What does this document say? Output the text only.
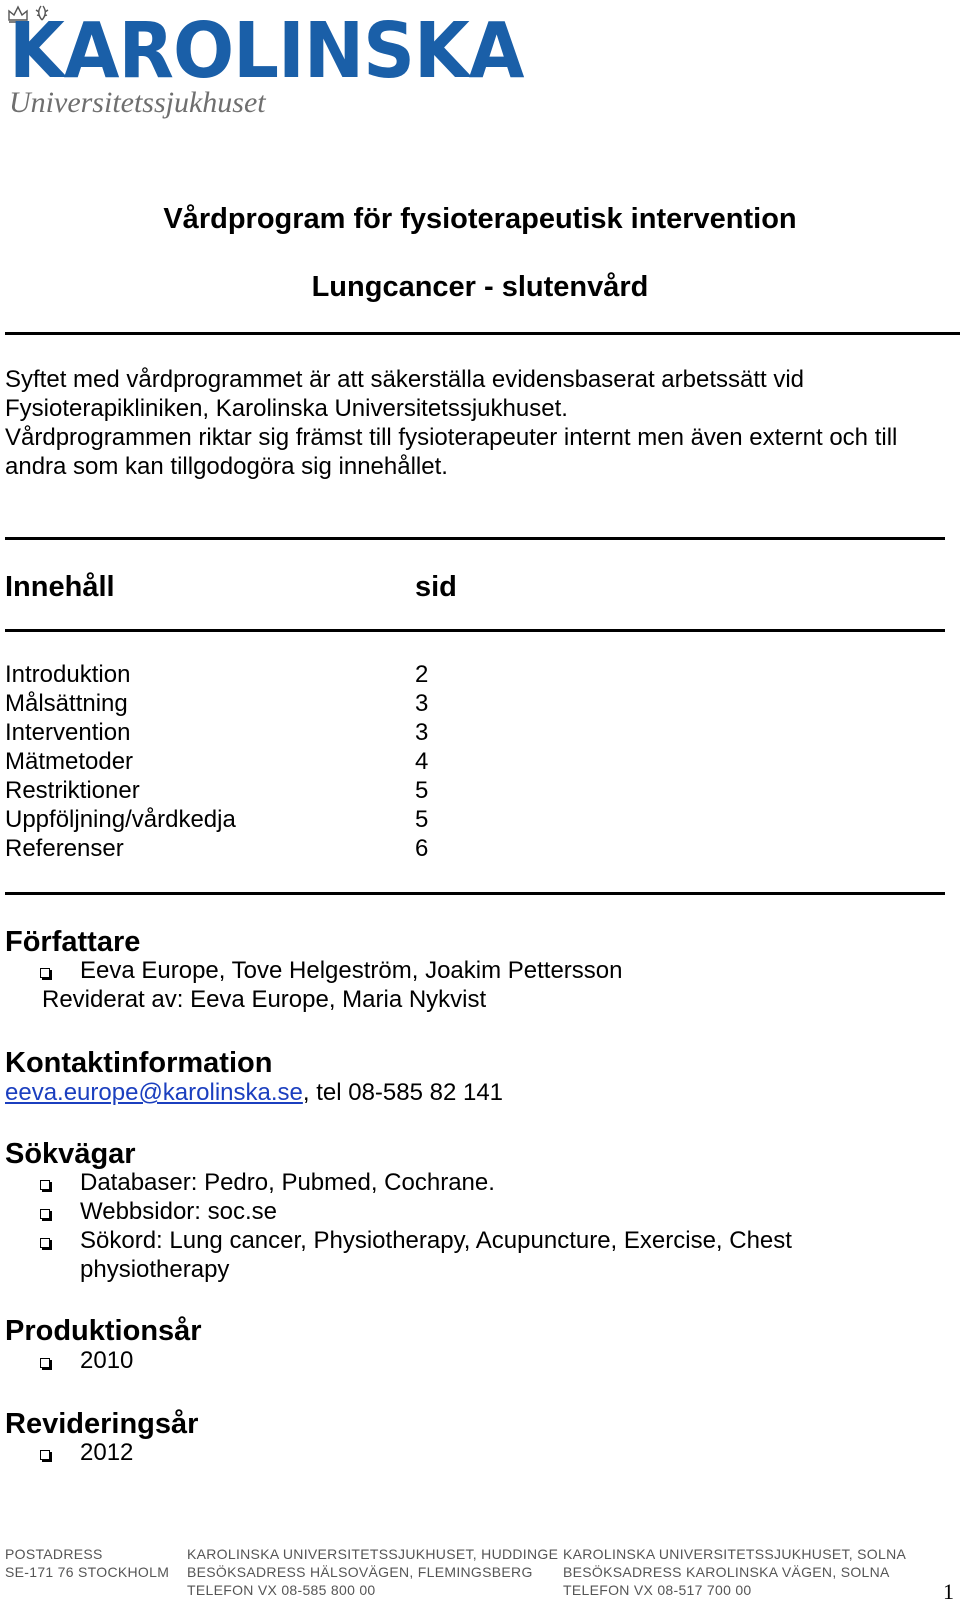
KAROLINSKA
Universitetssjukhuset
Vårdprogram för fysioterapeutisk intervention
Lungcancer - slutenvård
Syftet med vårdprogrammet är att säkerställa evidensbaserat arbetssätt vid
Fysioterapikliniken, Karolinska Universitetssjukhuset.
Vårdprogrammen riktar sig främst till fysioterapeuter internt men även externt och till
andra som kan tillgodogöra sig innehållet.
Innehåll	sid
Introduktion	2
Målsättning	3
Intervention	3
Mätmetoder	4
Restriktioner	5
Uppföljning/vårdkedja	5
Referenser	6
Författare
Eeva Europe, Tove Helgeström, Joakim Pettersson
Reviderat av: Eeva Europe, Maria Nykvist
Kontaktinformation
eeva.europe@karolinska.se, tel 08-585 82 141
Sökvägar
Databaser: Pedro, Pubmed, Cochrane.
Webbsidor: soc.se
Sökord: Lung cancer, Physiotherapy, Acupuncture, Exercise, Chest
physiotherapy
Produktionsår
2010
Revideringsår
2012
POSTADRESS
SE-171 76 STOCKHOLM
KAROLINSKA UNIVERSITETSSJUKHUSET, HUDDINGE
BESÖKSADRESS HÄLSOVÄGEN, FLEMINGSBERG
TELEFON VX 08-585 800 00
KAROLINSKA UNIVERSITETSSJUKHUSET, SOLNA
BESÖKSADRESS KAROLINSKA VÄGEN, SOLNA
TELEFON VX 08-517 700 00	1
